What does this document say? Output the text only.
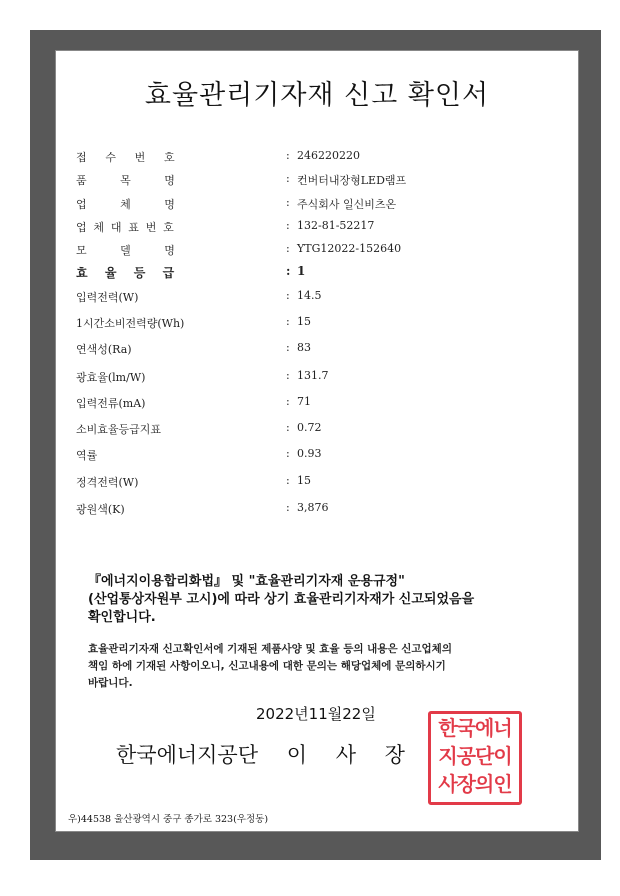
효율관리기자재 신고 확인서
접수번호	: 246220220
품목명	: 컨버터내장형LED램프
업체명	: 주식회사 일신비츠온
업체대표번호	: 132-81-52217
모델명	: YTG12022-152640
효율등급	: 1
입력전력(W)	: 14.5
1시간소비전력량(Wh)	: 15
연색성(Ra)	: 83
광효율(lm/W)	: 131.7
입력전류(mA)	: 71
소비효율등급지표	: 0.72
역률	: 0.93
정격전력(W)	: 15
광원색(K)	: 3,876
『에너지이용합리화법』 및 "효율관리기자재 운용규정"
(산업통상자원부 고시)에 따라 상기 효율관리기자재가 신고되었음을
확인합니다.
효율관리기자재 신고확인서에 기재된 제품사양 및 효율 등의 내용은 신고업체의
책임 하에 기재된 사항이오니, 신고내용에 대한 문의는 해당업체에 문의하시기
바랍니다.
2022년11월22일
한국에너지공단 이 사 장
한국에너
지공단이
사장의인
우)44538 울산광역시 중구 종가로 323(우정동)
